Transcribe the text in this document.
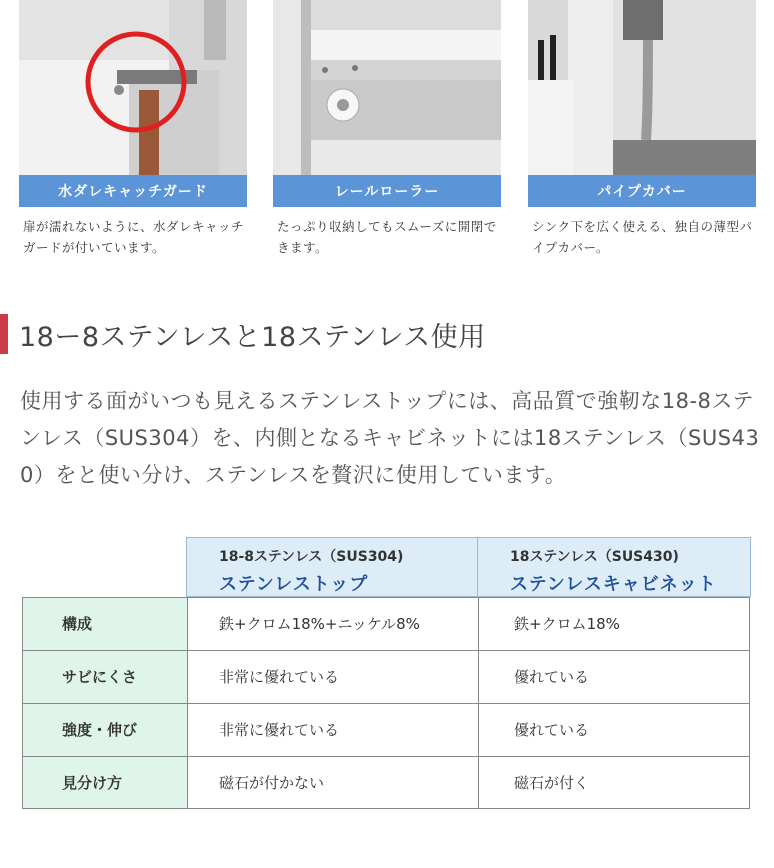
水ダレキャッチガード
扉が濡れないように、水ダレキャッチガードが付いています。
レールローラー
たっぷり収納してもスムーズに開閉できます。
パイプカバー
シンク下を広く使える、独自の薄型パイプカバー。
18ー8ステンレスと18ステンレス使用
使用する面がいつも見えるステンレストップには、高品質で強靭な18-8ステンレス（SUS304）を、内側となるキャビネットには18ステンレス（SUS430）をと使い分け、ステンレスを贅沢に使用しています。
18-8ステンレス（SUS304)
ステンレストップ
18ステンレス（SUS430)
ステンレスキャビネット
構成	鉄+クロム18%+ニッケル8%	鉄+クロム18%
サビにくさ	非常に優れている	優れている
強度・伸び	非常に優れている	優れている
見分け方	磁石が付かない	磁石が付く
